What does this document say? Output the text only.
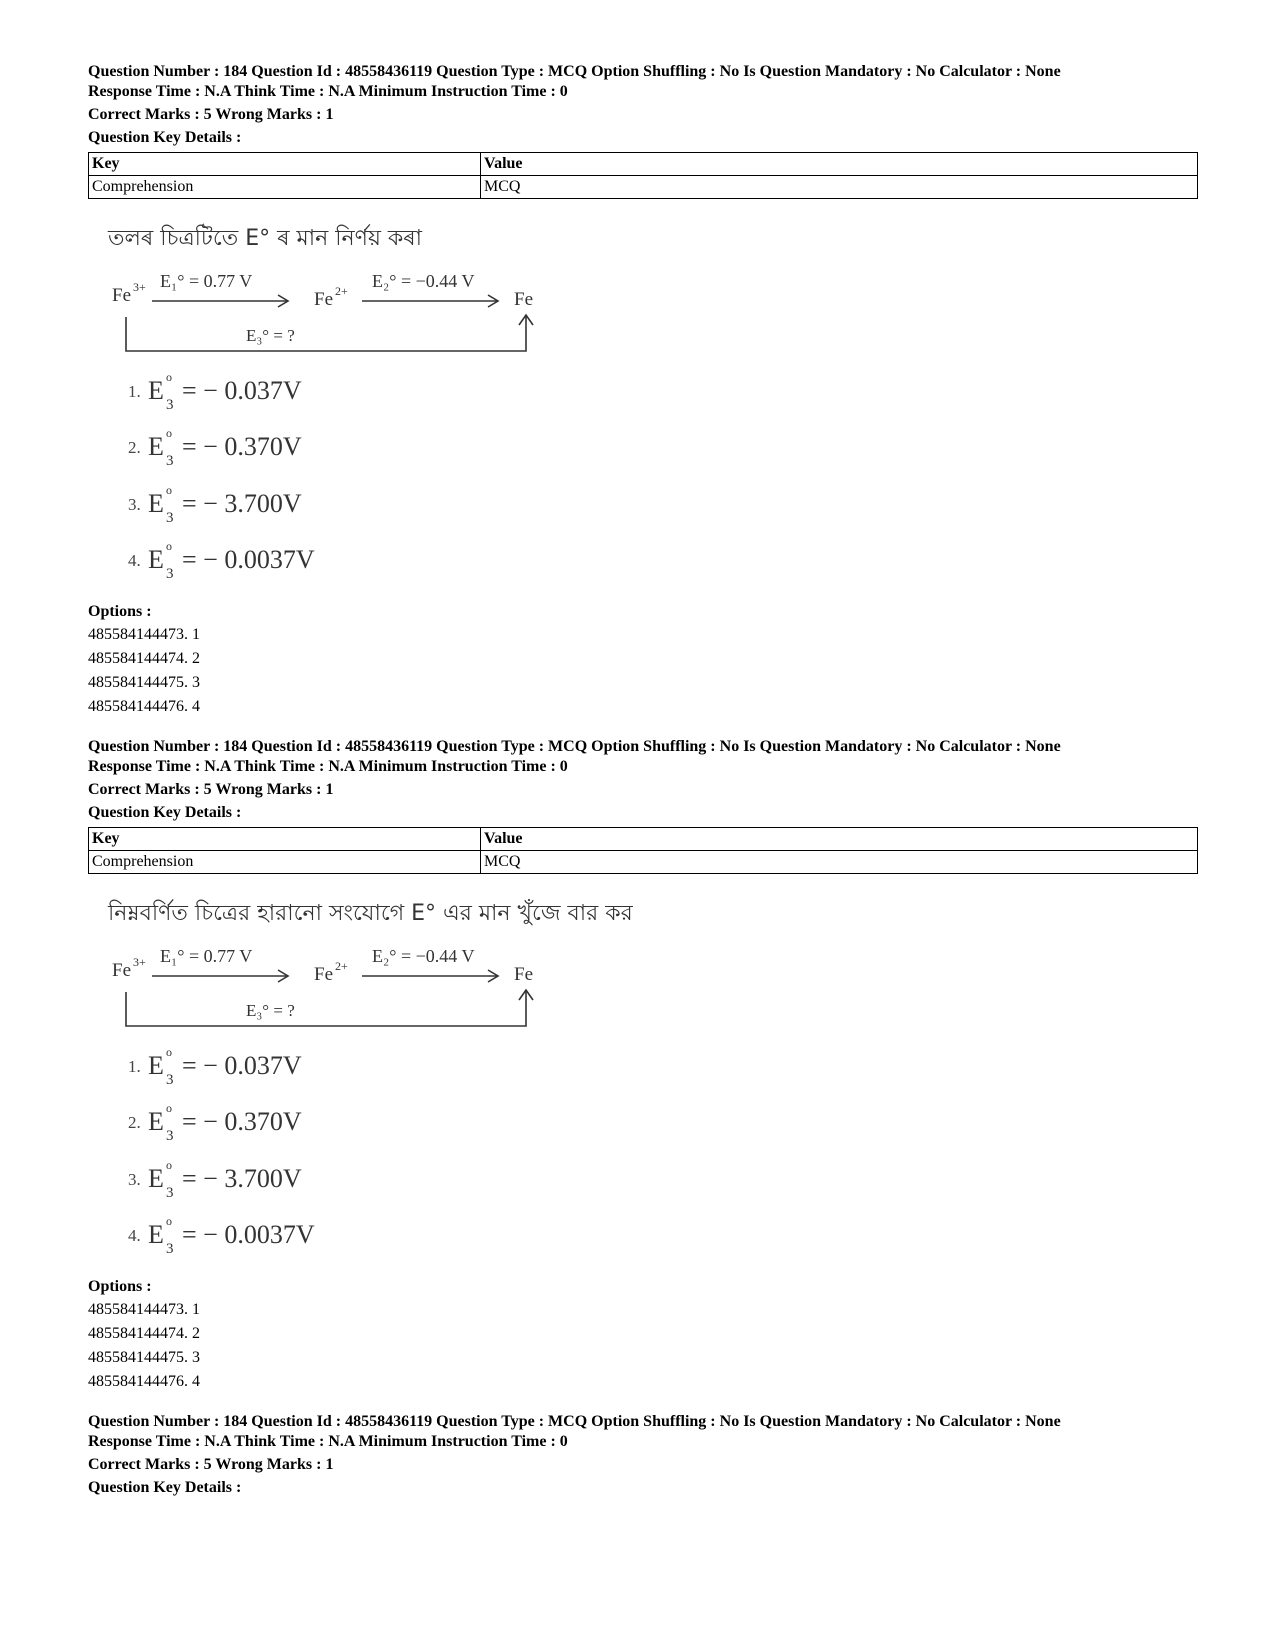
Question Number : 184 Question Id : 48558436119 Question Type : MCQ Option Shuffling : No Is Question Mandatory : No Calculator : None

Response Time : N.A Think Time : N.A Minimum Instruction Time : 0

Correct Marks : 5 Wrong Marks : 1

Question Key Details :

Key	Value
Comprehension	MCQ
তলৰ চিত্ৰটিতে E° ৰ মান নিৰ্ণয় কৰা
Fe 3+ E₁° = 0.77 V
Fe 2+ E₂° = −0.44 V
Fe
E₃° = ?
1. E 3
o = − 0.037V
2. E 3
o = − 0.370V
3. E 3
o = − 3.700V
4. E 3
o = − 0.0037V
Options :
485584144473. 1
485584144474. 2
485584144475. 3
485584144476. 4

Question Number : 184 Question Id : 48558436119 Question Type : MCQ Option Shuffling : No Is Question Mandatory : No Calculator : None

Response Time : N.A Think Time : N.A Minimum Instruction Time : 0

Correct Marks : 5 Wrong Marks : 1

Question Key Details :

Key	Value
Comprehension	MCQ
নিম্নবর্ণিত চিত্রের হারানো সংযোগে E° এর মান খুঁজে বার কর
Fe 3+ E₁° = 0.77 V
Fe 2+ E₂° = −0.44 V
Fe
E₃° = ?
1. E 3
o = − 0.037V
2. E 3
o = − 0.370V
3. E 3
o = − 3.700V
4. E 3
o = − 0.0037V
Options :
485584144473. 1
485584144474. 2
485584144475. 3
485584144476. 4

Question Number : 184 Question Id : 48558436119 Question Type : MCQ Option Shuffling : No Is Question Mandatory : No Calculator : None

Response Time : N.A Think Time : N.A Minimum Instruction Time : 0

Correct Marks : 5 Wrong Marks : 1

Question Key Details :
